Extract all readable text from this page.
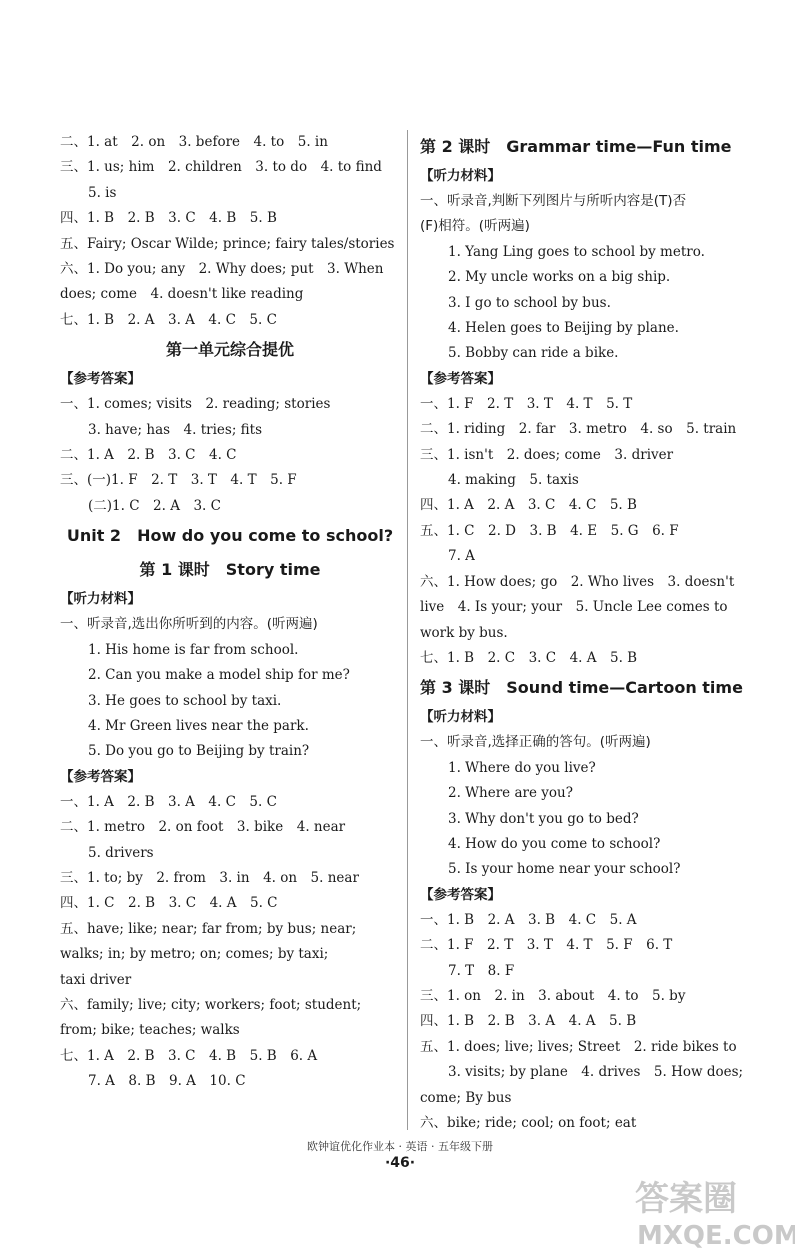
二、1. at　2. on　3. before　4. to　5. in
三、1. us; him　2. children　3. to do　4. to find
5. is
四、1. B　2. B　3. C　4. B　5. B
五、Fairy; Oscar Wilde; prince; fairy tales/stories
六、1. Do you; any　2. Why does; put　3. When
does; come　4. doesn't like reading
七、1. B　2. A　3. A　4. C　5. C
第一单元综合提优
【参考答案】
一、1. comes; visits　2. reading; stories
3. have; has　4. tries; fits
二、1. A　2. B　3. C　4. C
三、(一)1. F　2. T　3. T　4. T　5. F
(二)1. C　2. A　3. C
Unit 2　How do you come to school?
第 1 课时　Story time
【听力材料】
一、听录音,选出你所听到的内容。(听两遍)
1. His home is far from school.
2. Can you make a model ship for me?
3. He goes to school by taxi.
4. Mr Green lives near the park.
5. Do you go to Beijing by train?
【参考答案】
一、1. A　2. B　3. A　4. C　5. C
二、1. metro　2. on foot　3. bike　4. near
5. drivers
三、1. to; by　2. from　3. in　4. on　5. near
四、1. C　2. B　3. C　4. A　5. C
五、have; like; near; far from; by bus; near;
walks; in; by metro; on; comes; by taxi;
taxi driver
六、family; live; city; workers; foot; student;
from; bike; teaches; walks
七、1. A　2. B　3. C　4. B　5. B　6. A
7. A　8. B　9. A　10. C
第 2 课时　Grammar time—Fun time
【听力材料】
一、听录音,判断下列图片与所听内容是(T)否
(F)相符。(听两遍)
1. Yang Ling goes to school by metro.
2. My uncle works on a big ship.
3. I go to school by bus.
4. Helen goes to Beijing by plane.
5. Bobby can ride a bike.
【参考答案】
一、1. F　2. T　3. T　4. T　5. T
二、1. riding　2. far　3. metro　4. so　5. train
三、1. isn't　2. does; come　3. driver
4. making　5. taxis
四、1. A　2. A　3. C　4. C　5. B
五、1. C　2. D　3. B　4. E　5. G　6. F
7. A
六、1. How does; go　2. Who lives　3. doesn't
live　4. Is your; your　5. Uncle Lee comes to
work by bus.
七、1. B　2. C　3. C　4. A　5. B
第 3 课时　Sound time—Cartoon time
【听力材料】
一、听录音,选择正确的答句。(听两遍)
1. Where do you live?
2. Where are you?
3. Why don't you go to bed?
4. How do you come to school?
5. Is your home near your school?
【参考答案】
一、1. B　2. A　3. B　4. C　5. A
二、1. F　2. T　3. T　4. T　5. F　6. T
7. T　8. F
三、1. on　2. in　3. about　4. to　5. by
四、1. B　2. B　3. A　4. A　5. B
五、1. does; live; lives; Street　2. ride bikes to
3. visits; by plane　4. drives　5. How does;
come; By bus
六、bike; ride; cool; on foot; eat
欧钟谊优化作业本 · 英语 · 五年级下册
·46·
答案圈
MXQE.COM
